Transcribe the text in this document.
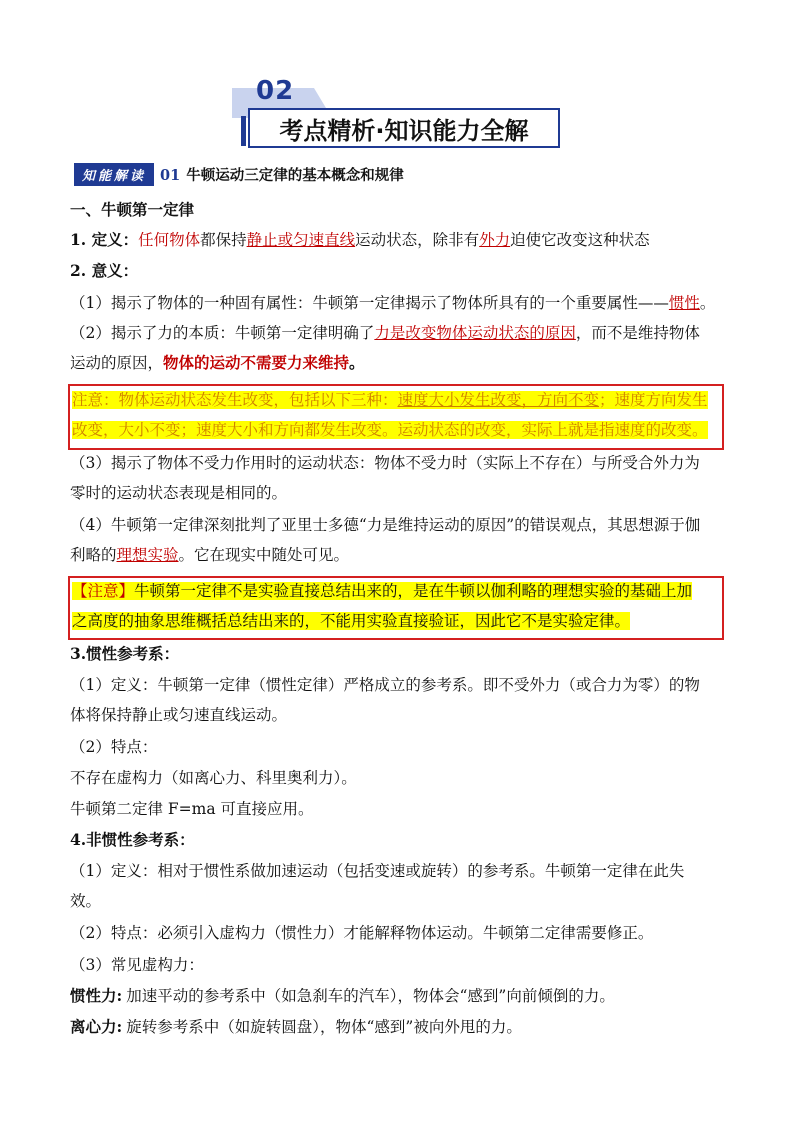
02
考点精析·知识能力全解
知能解读 01 牛顿运动三定律的基本概念和规律
一、牛顿第一定律
1. 定义：任何物体都保持静止或匀速直线运动状态，除非有外力迫使它改变这种状态
2. 意义：
（1）揭示了物体的一种固有属性：牛顿第一定律揭示了物体所具有的一个重要属性——惯性。
（2）揭示了力的本质：牛顿第一定律明确了力是改变物体运动状态的原因，而不是维持物体
运动的原因，物体的运动不需要力来维持。
注意：物体运动状态发生改变，包括以下三种：速度大小发生改变，方向不变；速度方向发生
改变，大小不变；速度大小和方向都发生改变。运动状态的改变，实际上就是指速度的改变。
（3）揭示了物体不受力作用时的运动状态：物体不受力时（实际上不存在）与所受合外力为
零时的运动状态表现是相同的。
（4）牛顿第一定律深刻批判了亚里士多德“力是维持运动的原因”的错误观点，其思想源于伽
利略的理想实验。它在现实中随处可见。
【注意】牛顿第一定律不是实验直接总结出来的，是在牛顿以伽利略的理想实验的基础上加
之高度的抽象思维概括总结出来的，不能用实验直接验证，因此它不是实验定律。
3.惯性参考系：
（1）定义：牛顿第一定律（惯性定律）严格成立的参考系。即不受外力（或合力为零）的物
体将保持静止或匀速直线运动。
（2）特点：
不存在虚构力（如离心力、科里奥利力）。
牛顿第二定律 F=ma 可直接应用。
4.非惯性参考系：
（1）定义：相对于惯性系做加速运动（包括变速或旋转）的参考系。牛顿第一定律在此失
效。
（2）特点：必须引入虚构力（惯性力）才能解释物体运动。牛顿第二定律需要修正。
（3）常见虚构力：
惯性力: 加速平动的参考系中（如急刹车的汽车），物体会“感到”向前倾倒的力。
离心力: 旋转参考系中（如旋转圆盘），物体“感到”被向外甩的力。
